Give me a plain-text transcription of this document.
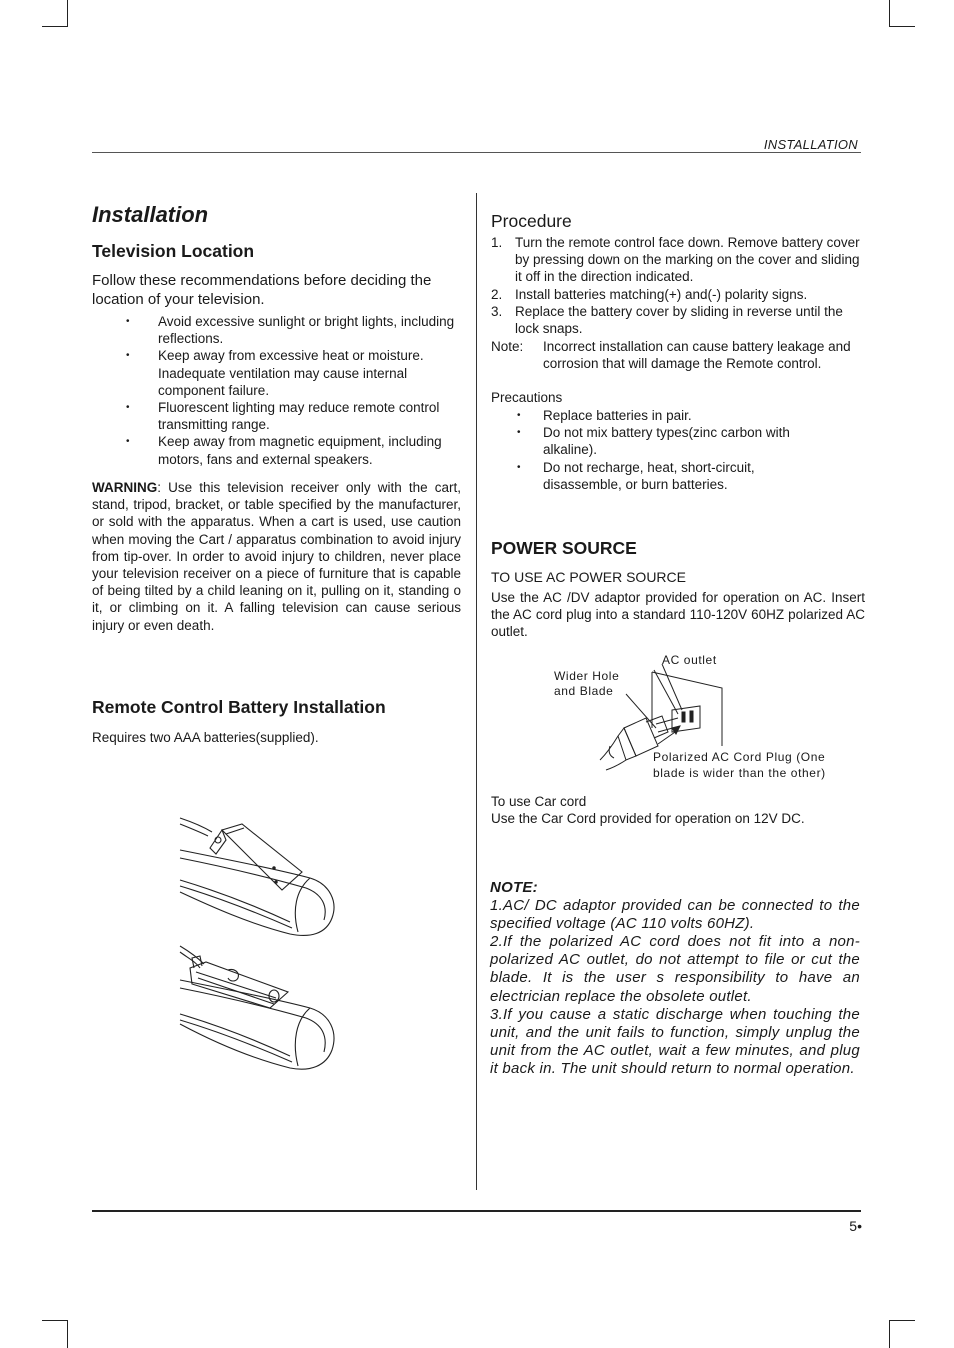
INSTALLATION
Installation
Television Location
Follow these recommendations before deciding the location of your television.
• Avoid excessive sunlight or bright lights, including reflections.
• Keep away from excessive heat or moisture. Inadequate ventilation may cause internal component failure.
• Fluorescent lighting may reduce remote control transmitting range.
• Keep away from magnetic equipment, including motors, fans and external speakers.
WARNING: Use this television receiver only with the cart, stand, tripod, bracket, or table specified by the manufacturer, or sold with the apparatus. When a cart is used, use caution when moving the Cart / apparatus combination to avoid injury from tip-over. In order to avoid injury to children, never place your television receiver on a piece of furniture that is capable of being tilted by a child leaning on it, pulling on it, standing o it, or climbing on it. A falling television can cause serious injury or even death.
Remote Control Battery Installation
Requires two AAA batteries(supplied).
Procedure
1. Turn the remote control face down. Remove battery cover by pressing down on the marking on the cover and sliding it off in the direction indicated.
2. Install batteries matching(+) and(-) polarity signs.
3. Replace the battery cover by sliding in reverse until the lock snaps.
Note: Incorrect installation can cause battery leakage and corrosion that will damage the Remote control.
Precautions
• Replace batteries in pair.
• Do not mix battery types(zinc carbon with alkaline).
• Do not recharge, heat, short-circuit, disassemble, or burn batteries.
POWER SOURCE
TO USE AC POWER SOURCE
Use the AC /DV adaptor provided for operation on AC. Insert the AC cord plug into a standard 110-120V 60HZ polarized AC outlet.
AC outlet
Wider Hole
and Blade
Polarized AC Cord Plug (One
blade is wider than the other)
To use Car cord
Use the Car Cord provided for operation on 12V DC.
NOTE:
1.AC/ DC adaptor provided can be connected to the specified voltage (AC 110 volts 60HZ).
2.If the polarized AC cord does not fit into a non-polarized AC outlet, do not attempt to file or cut the blade. It is the user s responsibility to have an electrician replace the obsolete outlet.
3.If you cause a static discharge when touching the unit, and the unit fails to function, simply unplug the unit from the AC outlet, wait a few minutes, and plug it back in. The unit should return to normal operation.
5•
